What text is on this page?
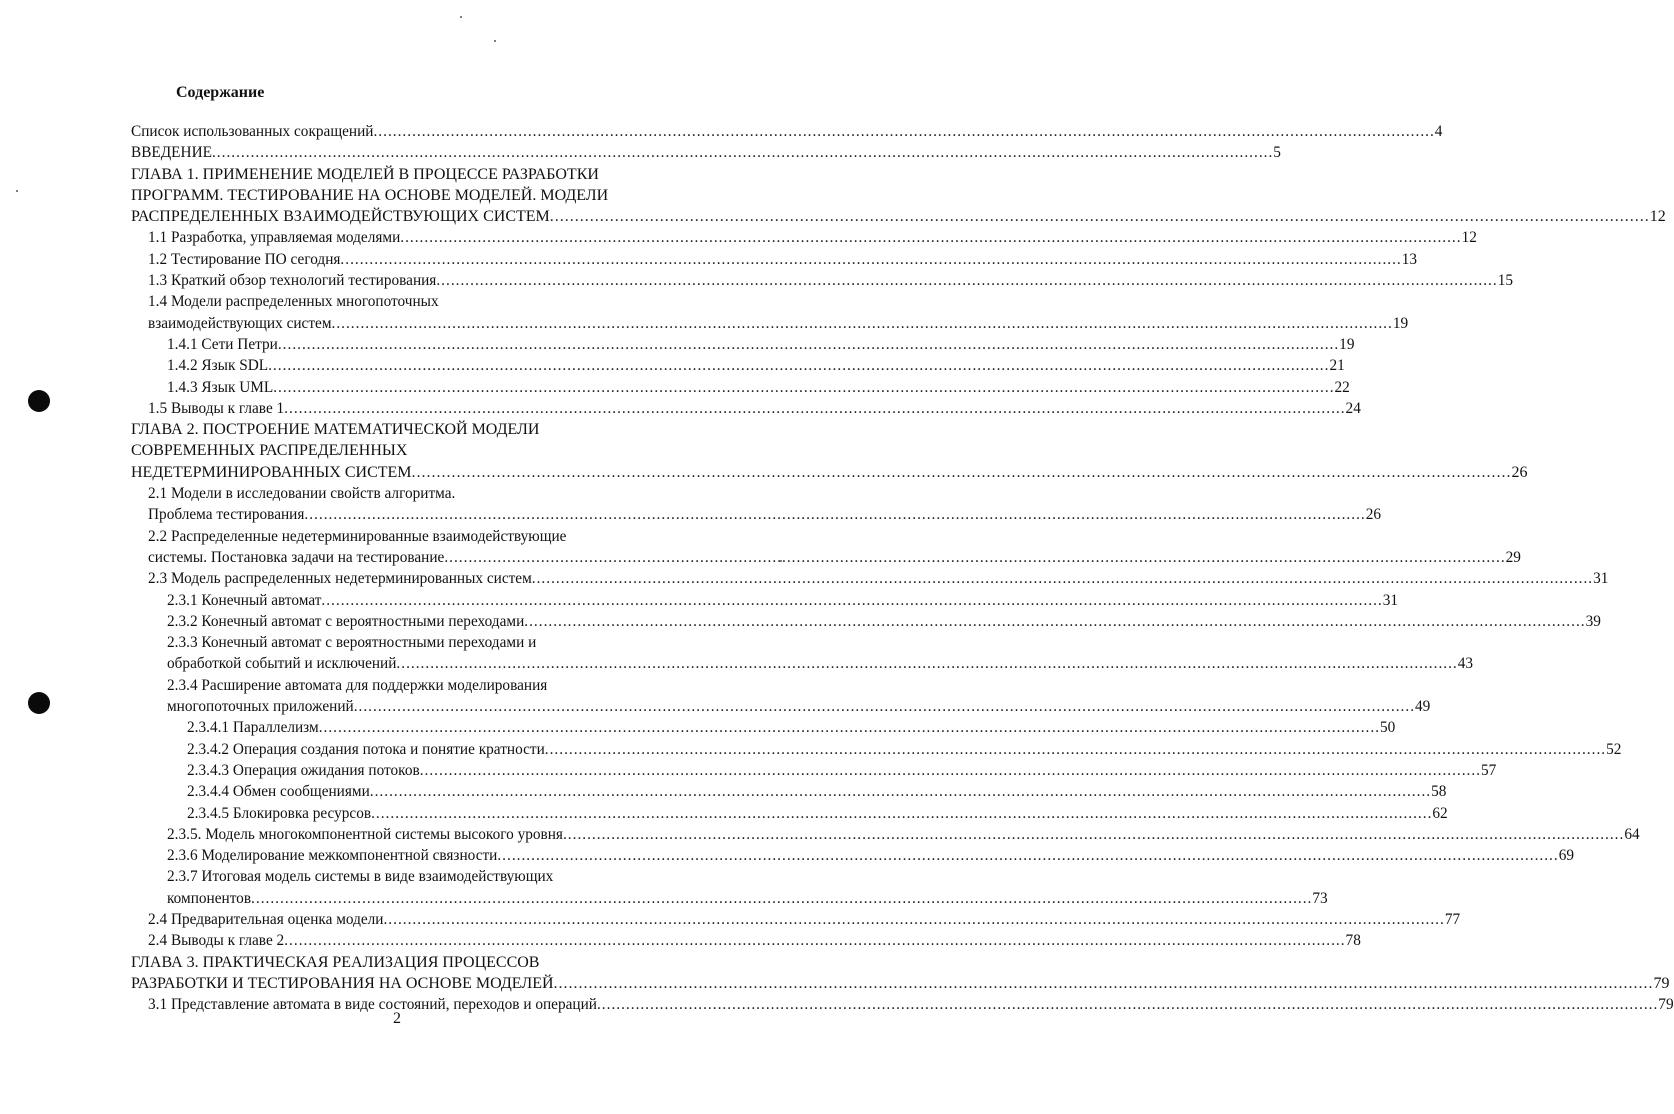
Содержание
Список использованных сокращений ............................................................................................................................................................................................................................ 4
ВВЕДЕНИЕ ............................................................................................................................................................................................................................ 5
ГЛАВА 1. ПРИМЕНЕНИЕ МОДЕЛЕЙ В ПРОЦЕССЕ РАЗРАБОТКИ
ПРОГРАММ. ТЕСТИРОВАНИЕ НА ОСНОВЕ МОДЕЛЕЙ. МОДЕЛИ
РАСПРЕДЕЛЕННЫХ ВЗАИМОДЕЙСТВУЮЩИХ СИСТЕМ ............................................................................................................................................................................................................................ 12
1.1 Разработка, управляемая моделями ............................................................................................................................................................................................................................ 12
1.2 Тестирование ПО сегодня ............................................................................................................................................................................................................................ 13
1.3 Краткий обзор технологий тестирования ............................................................................................................................................................................................................................ 15
1.4 Модели распределенных многопоточных
взаимодействующих систем ............................................................................................................................................................................................................................ 19
1.4.1 Сети Петри ............................................................................................................................................................................................................................ 19
1.4.2 Язык SDL ............................................................................................................................................................................................................................ 21
1.4.3 Язык UML ............................................................................................................................................................................................................................ 22
1.5 Выводы к главе 1 ............................................................................................................................................................................................................................ 24
ГЛАВА 2. ПОСТРОЕНИЕ МАТЕМАТИЧЕСКОЙ МОДЕЛИ
СОВРЕМЕННЫХ РАСПРЕДЕЛЕННЫХ
НЕДЕТЕРМИНИРОВАННЫХ СИСТЕМ ............................................................................................................................................................................................................................ 26
2.1 Модели в исследовании свойств алгоритма.
Проблема тестирования ............................................................................................................................................................................................................................ 26
2.2 Распределенные недетерминированные взаимодействующие
системы. Постановка задачи на тестирование ............................................................................................................................................................................................................................ 29
2.3 Модель распределенных недетерминированных систем ............................................................................................................................................................................................................................ 31
2.3.1 Конечный автомат ............................................................................................................................................................................................................................ 31
2.3.2 Конечный автомат с вероятностными переходами ............................................................................................................................................................................................................................ 39
2.3.3 Конечный автомат с вероятностными переходами и
обработкой событий и исключений ............................................................................................................................................................................................................................ 43
2.3.4 Расширение автомата для поддержки моделирования
многопоточных приложений ............................................................................................................................................................................................................................ 49
2.3.4.1 Параллелизм ............................................................................................................................................................................................................................ 50
2.3.4.2 Операция создания потока и понятие кратности ............................................................................................................................................................................................................................ 52
2.3.4.3 Операция ожидания потоков ............................................................................................................................................................................................................................ 57
2.3.4.4 Обмен сообщениями ............................................................................................................................................................................................................................ 58
2.3.4.5 Блокировка ресурсов ............................................................................................................................................................................................................................ 62
2.3.5. Модель многокомпонентной системы высокого уровня ............................................................................................................................................................................................................................ 64
2.3.6 Моделирование межкомпонентной связности ............................................................................................................................................................................................................................ 69
2.3.7 Итоговая модель системы в виде взаимодействующих
компонентов ............................................................................................................................................................................................................................ 73
2.4 Предварительная оценка модели ............................................................................................................................................................................................................................ 77
2.4 Выводы к главе 2 ............................................................................................................................................................................................................................ 78
ГЛАВА 3. ПРАКТИЧЕСКАЯ РЕАЛИЗАЦИЯ ПРОЦЕССОВ
РАЗРАБОТКИ И ТЕСТИРОВАНИЯ НА ОСНОВЕ МОДЕЛЕЙ ............................................................................................................................................................................................................................ 79
3.1 Представление автомата в виде состояний, переходов и операций ............................................................................................................................................................................................................................ 79
2
